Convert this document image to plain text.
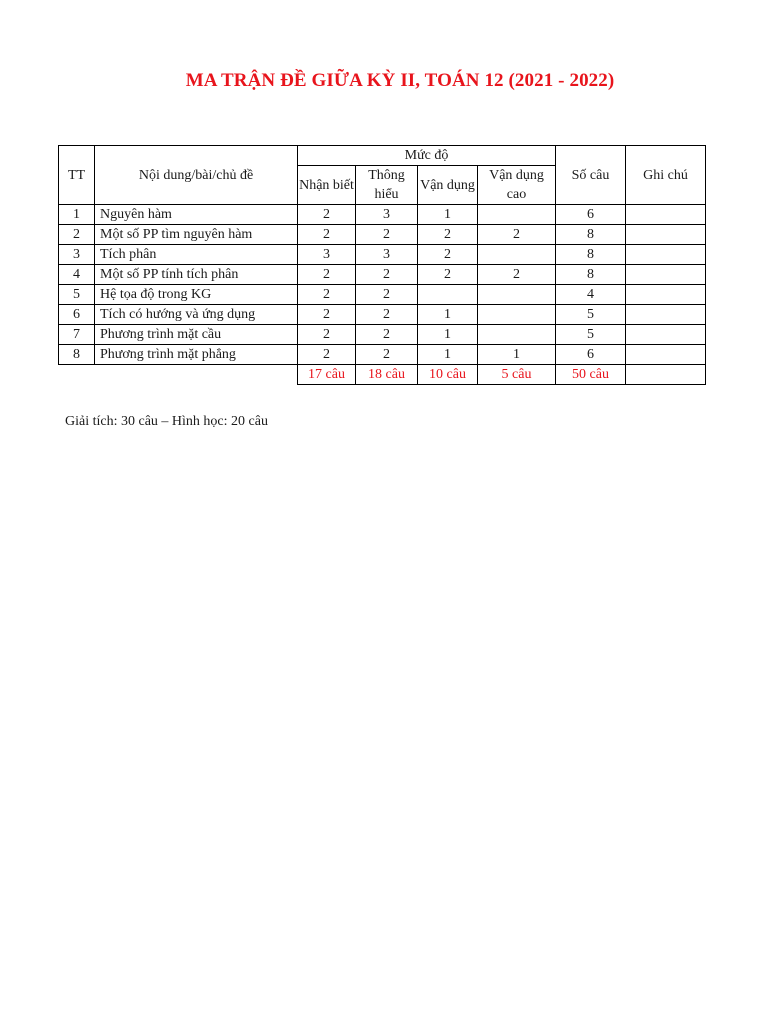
MA TRẬN ĐỀ GIỮA KỲ II, TOÁN 12 (2021 - 2022)
TT	Nội dung/bài/chủ đề	Mức độ				Số câu	Ghi chú
		Nhận biết	Thông hiểu	Vận dụng	Vận dụng cao		
1	Nguyên hàm	2	3	1		6	
2	Một số PP tìm nguyên hàm	2	2	2	2	8	
3	Tích phân	3	3	2		8	
4	Một số PP tính tích phân	2	2	2	2	8	
5	Hệ tọa độ trong KG	2	2			4	
6	Tích có hướng và ứng dụng	2	2	1		5	
7	Phương trình mặt cầu	2	2	1		5	
8	Phương trình mặt phẳng	2	2	1	1	6	
		17 câu	18 câu	10 câu	5 câu	50 câu	
Giải tích: 30 câu – Hình học: 20 câu
